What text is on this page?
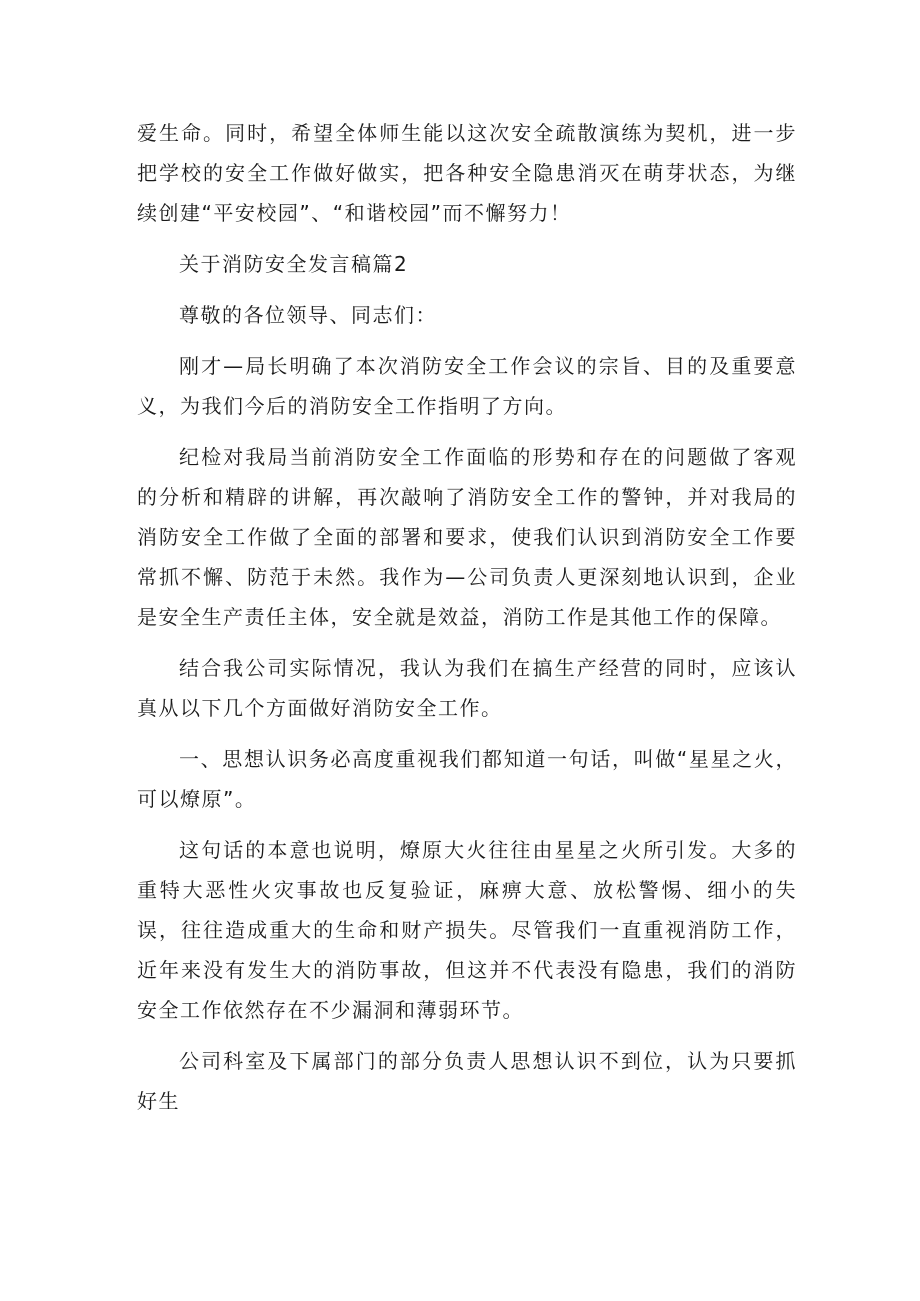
爱生命。同时，希望全体师生能以这次安全疏散演练为契机，进一步把学校的安全工作做好做实，把各种安全隐患消灭在萌芽状态，为继续创建“平安校园”、“和谐校园”而不懈努力！

关于消防安全发言稿篇2

尊敬的各位领导、同志们：

刚才—局长明确了本次消防安全工作会议的宗旨、目的及重要意义，为我们今后的消防安全工作指明了方向。

纪检对我局当前消防安全工作面临的形势和存在的问题做了客观的分析和精辟的讲解，再次敲响了消防安全工作的警钟，并对我局的消防安全工作做了全面的部署和要求，使我们认识到消防安全工作要常抓不懈、防范于未然。我作为—公司负责人更深刻地认识到，企业是安全生产责任主体，安全就是效益，消防工作是其他工作的保障。

结合我公司实际情况，我认为我们在搞生产经营的同时，应该认真从以下几个方面做好消防安全工作。

一、思想认识务必高度重视我们都知道一句话，叫做“星星之火，可以燎原”。

这句话的本意也说明，燎原大火往往由星星之火所引发。大多的重特大恶性火灾事故也反复验证，麻痹大意、放松警惕、细小的失误，往往造成重大的生命和财产损失。尽管我们一直重视消防工作，近年来没有发生大的消防事故，但这并不代表没有隐患，我们的消防安全工作依然存在不少漏洞和薄弱环节。

公司科室及下属部门的部分负责人思想认识不到位，认为只要抓好生
